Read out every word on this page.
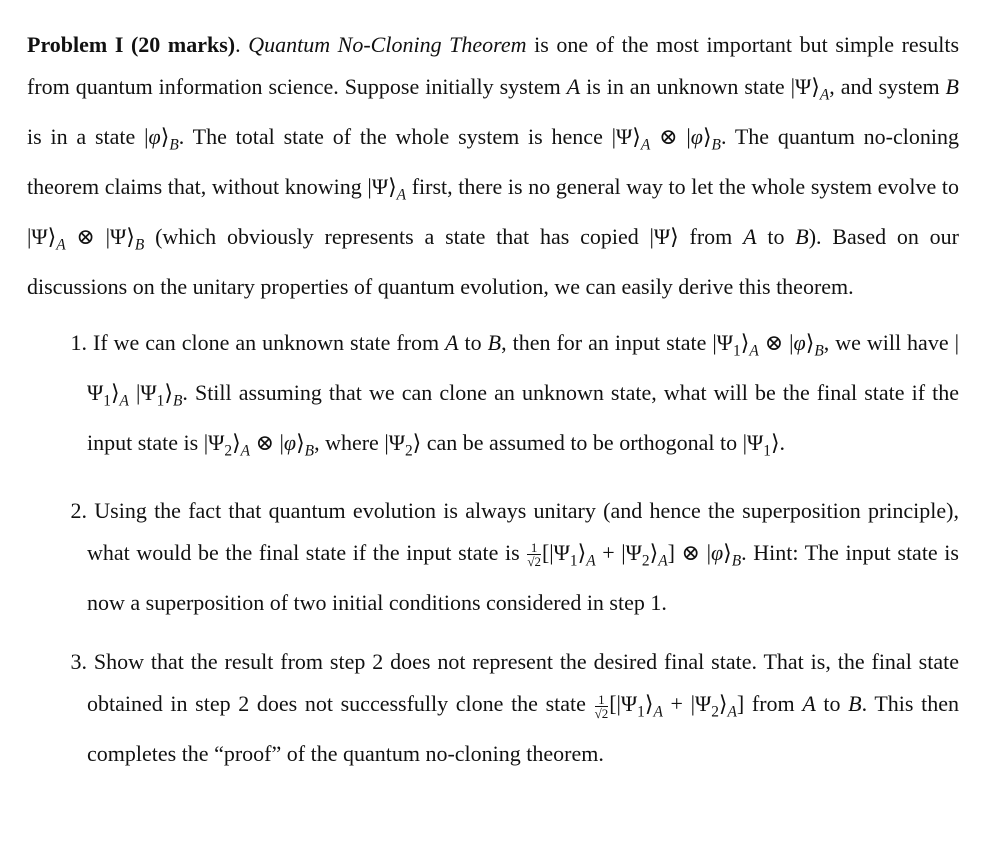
Problem I (20 marks). Quantum No-Cloning Theorem is one of the most important but simple results from quantum information science. Suppose initially system A is in an unknown state $|\Psi⟩_A$, and system B is in a state $|\varphi⟩_B$. The total state of the whole system is hence $|\Psi⟩_A$ ⊗ $|\varphi⟩_B$. The quantum no-cloning theorem claims that, without knowing $|\Psi⟩_A$ first, there is no general way to let the whole system evolve to $|\Psi⟩_A$ ⊗ $|\Psi⟩_B$ (which obviously represents a state that has copied |Ψ⟩ from A to B). Based on our discussions on the unitary properties of quantum evolution, we can easily derive this theorem.

1. If we can clone an unknown state from A to B, then for an input state $|\Psi_1⟩_A$ ⊗ $|\varphi⟩_B$, we will have $|\Psi_1⟩_A$ $|\Psi_1⟩_B$. Still assuming that we can clone an unknown state, what will be the final state if the input state is $|\Psi_2⟩_A$ ⊗ $|\varphi⟩_B$, where $|\Psi_2⟩$ can be assumed to be orthogonal to $|\Psi_1⟩$.

2. Using the fact that quantum evolution is always unitary (and hence the superposition principle), what would be the final state if the input state is $\frac{1}{√2}$ [$|\Psi_1⟩_A$ + $|\Psi_2⟩_A$] ⊗ $|\varphi⟩_B$. Hint: The input state is now a superposition of two initial conditions considered in step 1.

3. Show that the result from step 2 does not represent the desired final state. That is, the final state obtained in step 2 does not successfully clone the state $\frac{1}{√2}$ [$|\Psi_1⟩_A$ + $|\Psi_2⟩_A$] from A to B. This then completes the “proof” of the quantum no-cloning theorem.
